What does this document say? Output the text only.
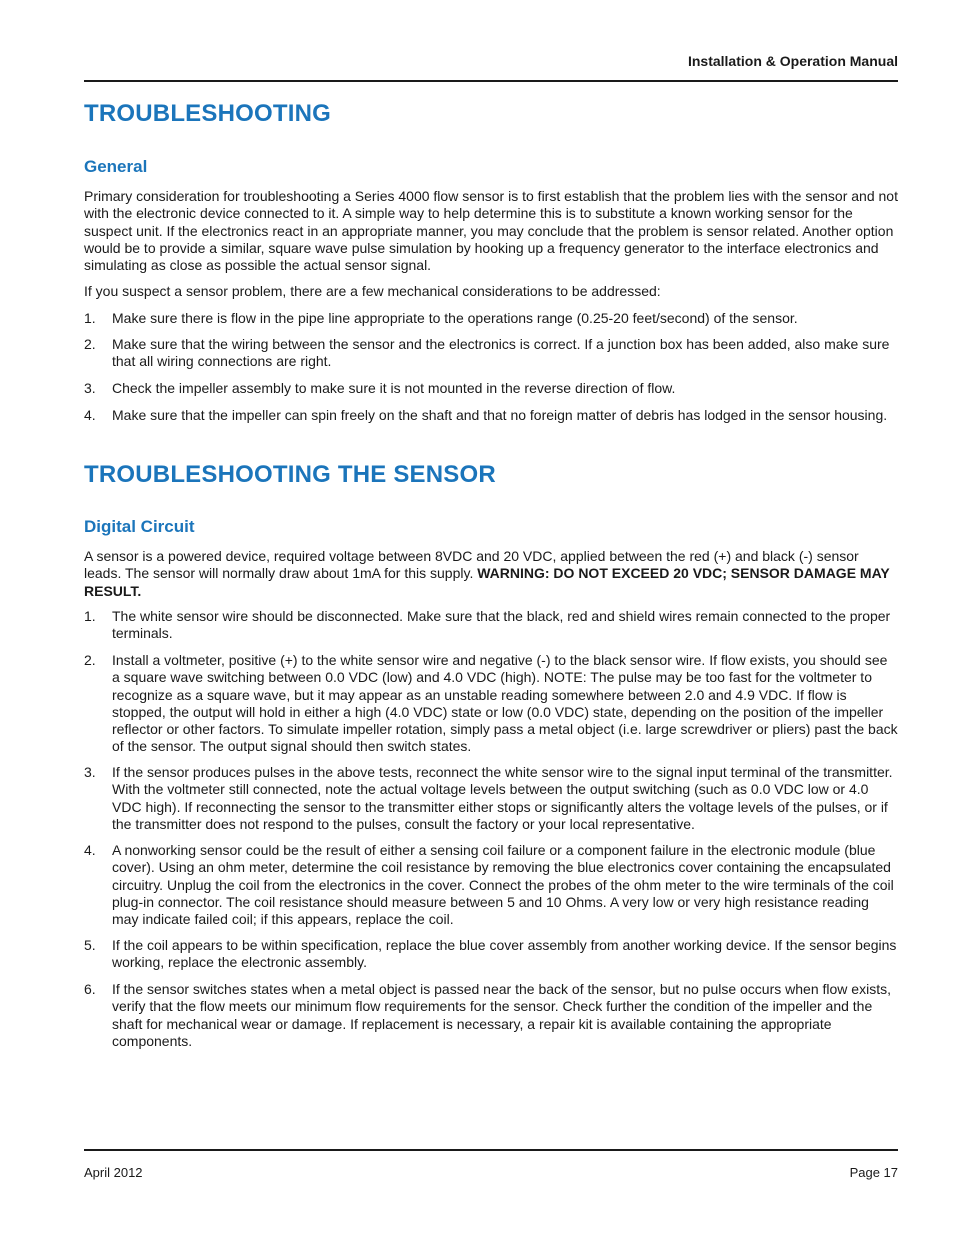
Installation & Operation Manual
TROUBLESHOOTING
General

Primary consideration for troubleshooting a Series 4000 flow sensor is to first establish that the problem lies with the sensor and not with the electronic device connected to it. A simple way to help determine this is to substitute a known working sensor for the suspect unit. If the electronics react in an appropriate manner, you may conclude that the problem is sensor related. Another option would be to provide a similar, square wave pulse simulation by hooking up a frequency generator to the interface electronics and simulating as close as possible the actual sensor signal.

If you suspect a sensor problem, there are a few mechanical considerations to be addressed:

1. Make sure there is flow in the pipe line appropriate to the operations range (0.25-20 feet/second) of the sensor.
2. Make sure that the wiring between the sensor and the electronics is correct. If a junction box has been added, also make sure that all wiring connections are right.
3. Check the impeller assembly to make sure it is not mounted in the reverse direction of flow.
4. Make sure that the impeller can spin freely on the shaft and that no foreign matter of debris has lodged in the sensor housing.
TROUBLESHOOTING THE SENSOR
Digital Circuit

A sensor is a powered device, required voltage between 8VDC and 20 VDC, applied between the red (+) and black (-) sensor leads. The sensor will normally draw about 1mA for this supply. WARNING: DO NOT EXCEED 20 VDC; SENSOR DAMAGE MAY RESULT.

1. The white sensor wire should be disconnected. Make sure that the black, red and shield wires remain connected to the proper terminals.
2. Install a voltmeter, positive (+) to the white sensor wire and negative (-) to the black sensor wire. If flow exists, you should see a square wave switching between 0.0 VDC (low) and 4.0 VDC (high). NOTE: The pulse may be too fast for the voltmeter to recognize as a square wave, but it may appear as an unstable reading somewhere between 2.0 and 4.9 VDC. If flow is stopped, the output will hold in either a high (4.0 VDC) state or low (0.0 VDC) state, depending on the position of the impeller reflector or other factors. To simulate impeller rotation, simply pass a metal object (i.e. large screwdriver or pliers) past the back of the sensor. The output signal should then switch states.
3. If the sensor produces pulses in the above tests, reconnect the white sensor wire to the signal input terminal of the transmitter. With the voltmeter still connected, note the actual voltage levels between the output switching (such as 0.0 VDC low or 4.0 VDC high). If reconnecting the sensor to the transmitter either stops or significantly alters the voltage levels of the pulses, or if the transmitter does not respond to the pulses, consult the factory or your local representative.
4. A nonworking sensor could be the result of either a sensing coil failure or a component failure in the electronic module (blue cover). Using an ohm meter, determine the coil resistance by removing the blue electronics cover containing the encapsulated circuitry. Unplug the coil from the electronics in the cover. Connect the probes of the ohm meter to the wire terminals of the coil plug-in connector. The coil resistance should measure between 5 and 10 Ohms. A very low or very high resistance reading may indicate failed coil; if this appears, replace the coil.
5. If the coil appears to be within specification, replace the blue cover assembly from another working device. If the sensor begins working, replace the electronic assembly.
6. If the sensor switches states when a metal object is passed near the back of the sensor, but no pulse occurs when flow exists, verify that the flow meets our minimum flow requirements for the sensor. Check further the condition of the impeller and the shaft for mechanical wear or damage. If replacement is necessary, a repair kit is available containing the appropriate components.
April 2012	Page 17
